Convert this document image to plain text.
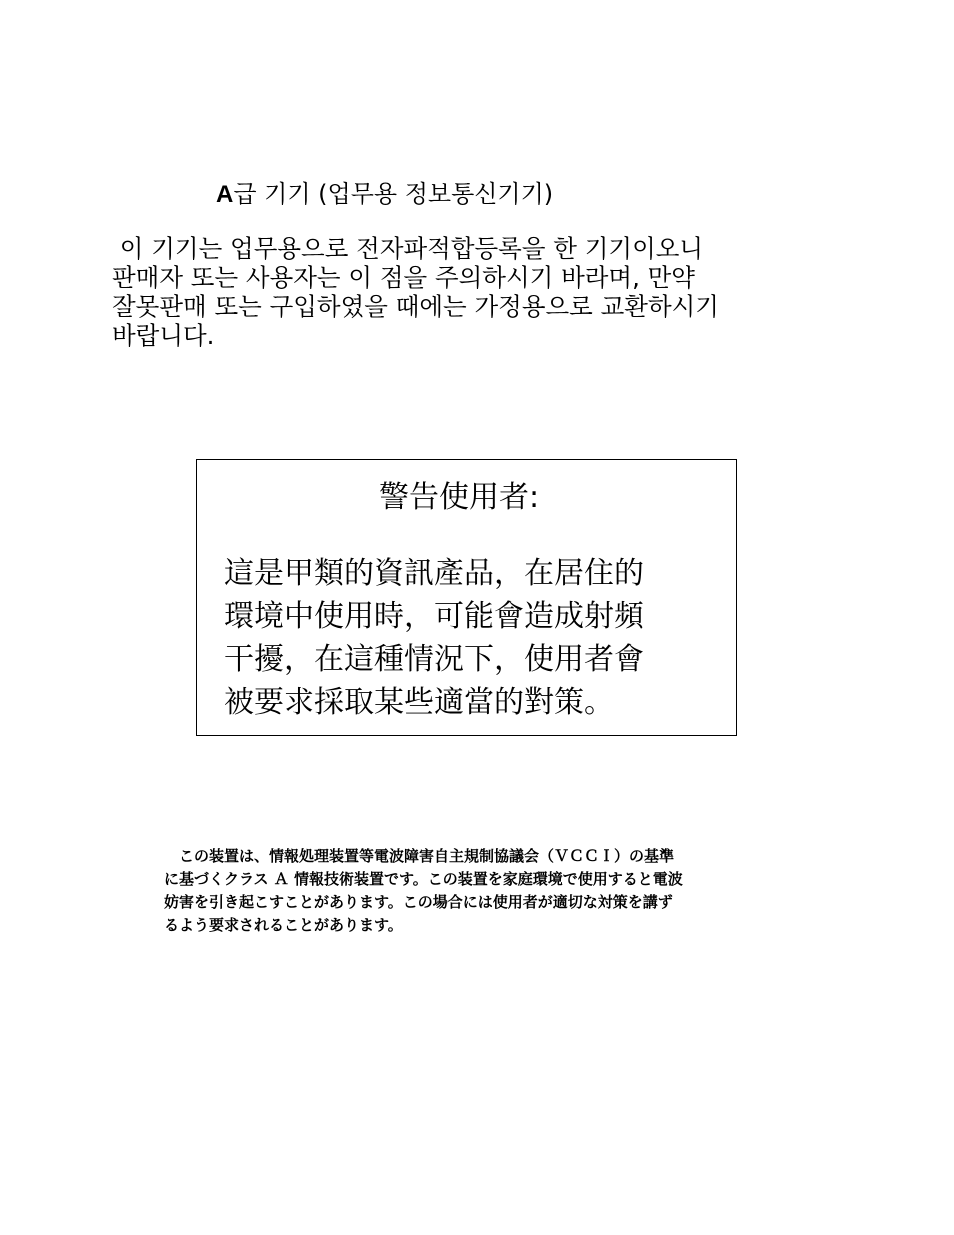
A급 기기 (업무용 정보통신기기)
이 기기는 업무용으로 전자파적합등록을 한 기기이오니
판매자 또는 사용자는 이 점을 주의하시기 바라며, 만약
잘못판매 또는 구입하였을 때에는 가정용으로 교환하시기
바랍니다.
警告使用者:
這是甲類的資訊產品，在居住的
環境中使用時，可能會造成射頻
干擾，在這種情況下，使用者會
被要求採取某些適當的對策。
　この装置は、情報処理装置等電波障害自主規制協議会（ＶＣＣＩ）の基準
に基づくクラス Ａ 情報技術装置です。この装置を家庭環境で使用すると電波
妨害を引き起こすことがあります。この場合には使用者が適切な対策を講ず
るよう要求されることがあります。
